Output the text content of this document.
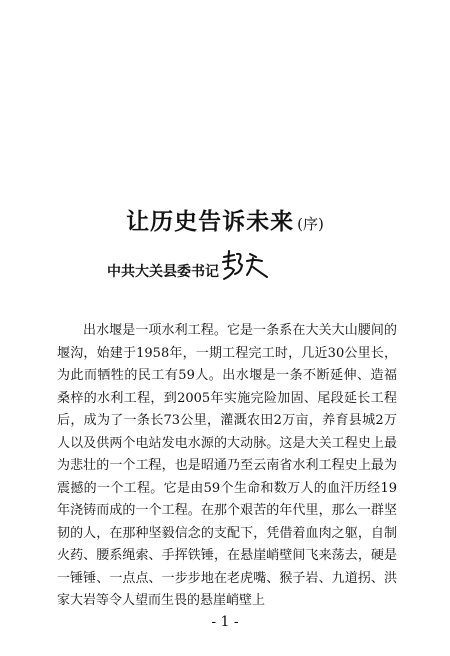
让历史告诉未来 (序)
中共大关县委书记

出水堰是一项水利工程。它是一条系在大关大山腰间的堰沟，始建于1958年，一期工程完工时，几近30公里长，为此而牺牲的民工有59人。出水堰是一条不断延伸、造福桑梓的水利工程，到2005年实施完险加固、尾段延长工程后，成为了一条长73公里，灌溉农田2万亩，养育县城2万人以及供两个电站发电水源的大动脉。这是大关工程史上最为悲壮的一个工程，也是昭通乃至云南省水利工程史上最为震撼的一个工程。它是由59个生命和数万人的血汗历经19年浇铸而成的一个工程。在那个艰苦的年代里，那么一群坚韧的人，在那种坚毅信念的支配下，凭借着血肉之躯，自制火药、腰系绳索、手挥铁锤，在悬崖峭壁间飞来荡去，硬是一锤锤、一点点、一步步地在老虎嘴、猴子岩、九道拐、洪家大岩等令人望而生畏的悬崖峭壁上

- 1 -
